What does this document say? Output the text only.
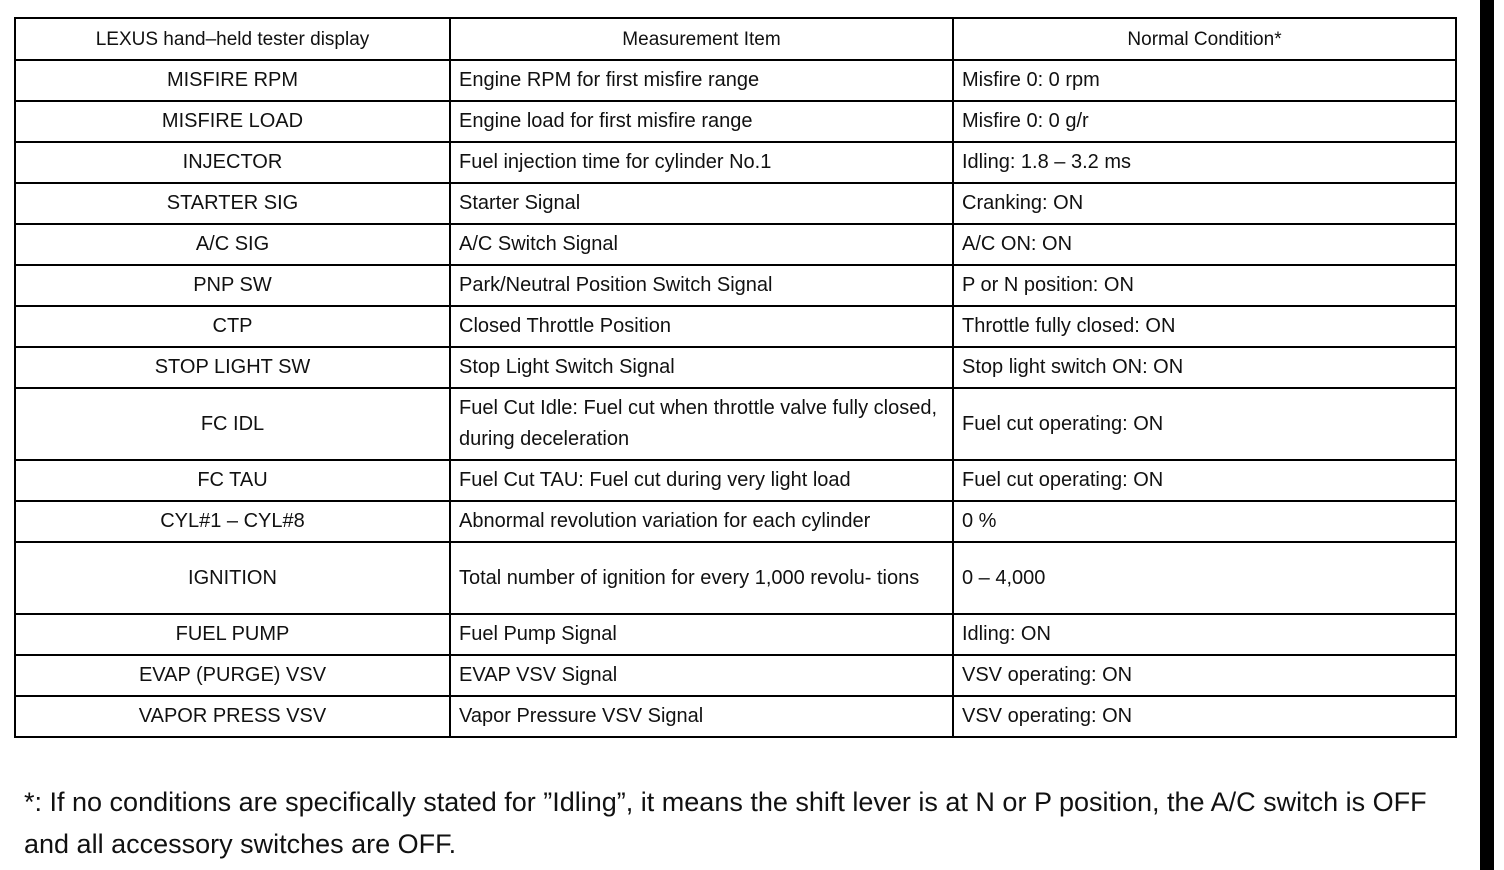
LEXUS hand–held tester display	Measurement Item	Normal Condition*
MISFIRE RPM	Engine RPM for first misfire range	Misfire 0: 0 rpm
MISFIRE LOAD	Engine load for first misfire range	Misfire 0: 0 g/r
INJECTOR	Fuel injection time for cylinder No.1	Idling: 1.8 – 3.2 ms
STARTER SIG	Starter Signal	Cranking: ON
A/C SIG	A/C Switch Signal	A/C ON: ON
PNP SW	Park/Neutral Position Switch Signal	P or N position: ON
CTP	Closed Throttle Position	Throttle fully closed: ON
STOP LIGHT SW	Stop Light Switch Signal	Stop light switch ON: ON
FC IDL	Fuel Cut Idle: Fuel cut when throttle valve fully closed, during deceleration	Fuel cut operating: ON
FC TAU	Fuel Cut TAU: Fuel cut during very light load	Fuel cut operating: ON
CYL#1 – CYL#8	Abnormal revolution variation for each cylinder	0 %
IGNITION	Total number of ignition for every 1,000 revolu- tions	0 – 4,000
FUEL PUMP	Fuel Pump Signal	Idling: ON
EVAP (PURGE) VSV	EVAP VSV Signal	VSV operating: ON
VAPOR PRESS VSV	Vapor Pressure VSV Signal	VSV operating: ON
*: If no conditions are specifically stated for ”Idling”, it means the shift lever is at N or P position, the A/C switch is OFF and all accessory switches are OFF.
